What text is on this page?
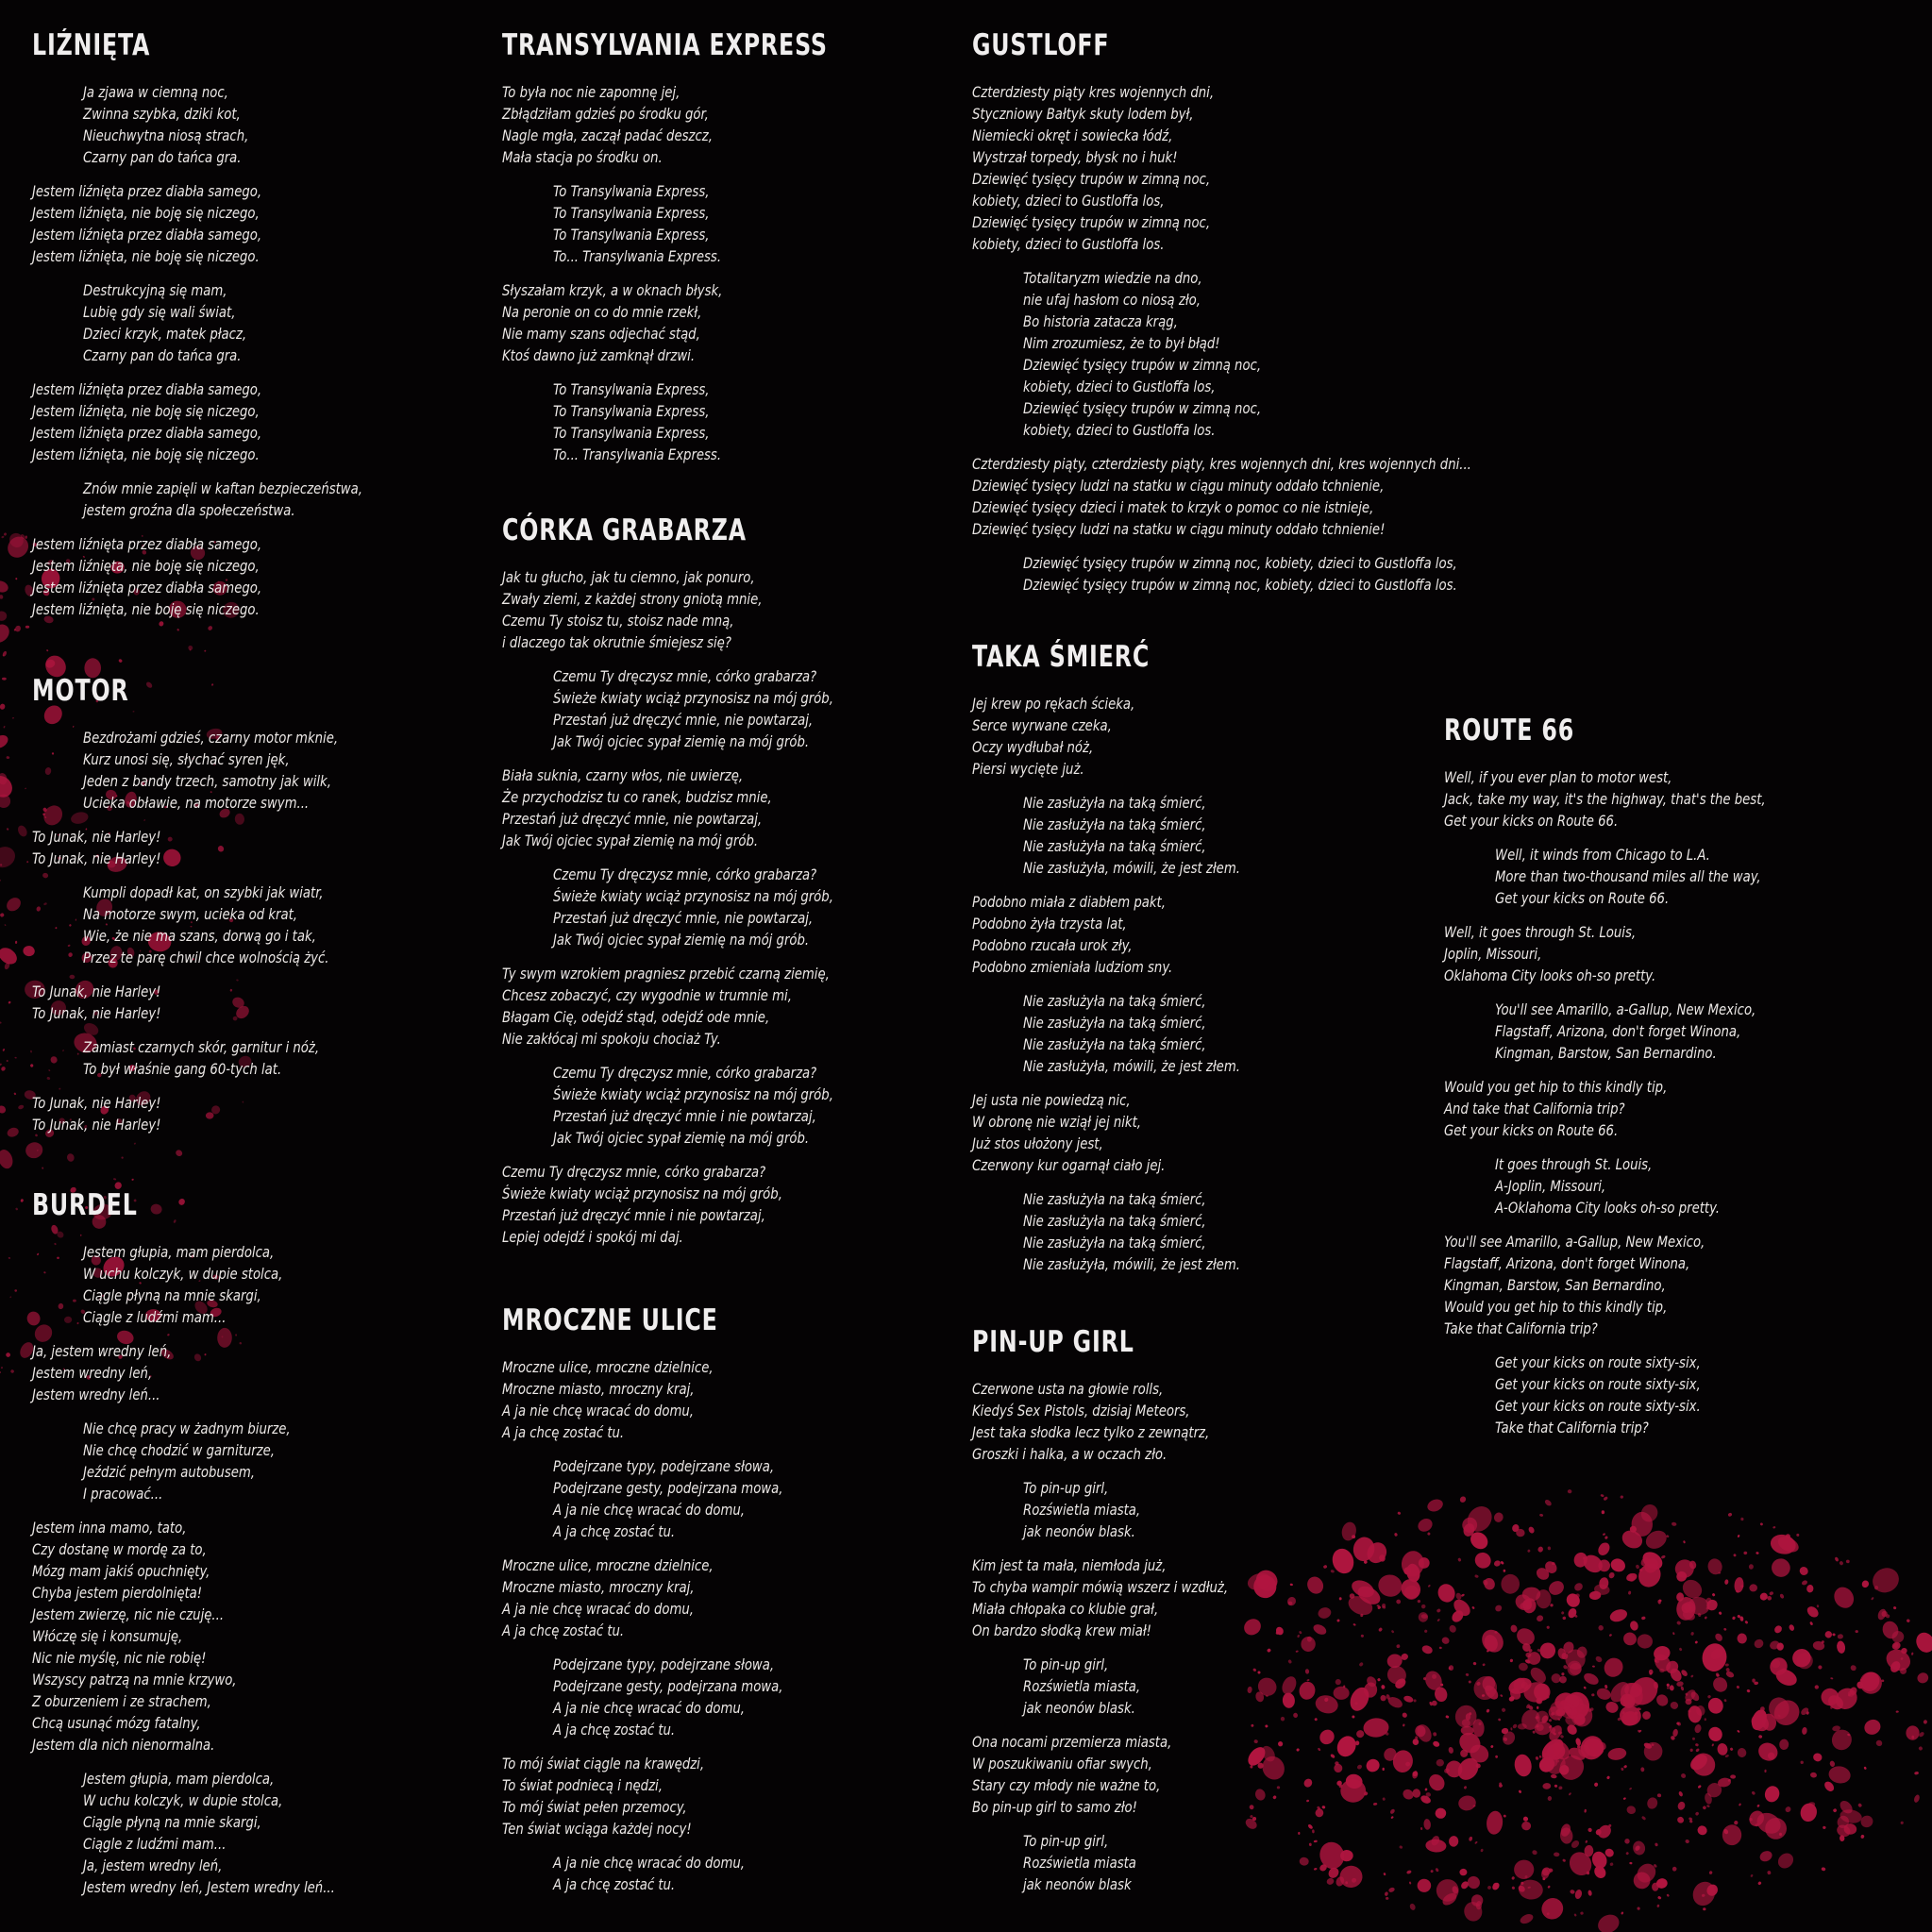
LIŹNIĘTA
Ja zjawa w ciemną noc,
Zwinna szybka, dziki kot,
Nieuchwytna niosą strach,
Czarny pan do tańca gra.
Jestem liźnięta przez diabła samego,
Jestem liźnięta, nie boję się niczego,
Jestem liźnięta przez diabła samego,
Jestem liźnięta, nie boję się niczego.
Destrukcyjną się mam,
Lubię gdy się wali świat,
Dzieci krzyk, matek płacz,
Czarny pan do tańca gra.
Jestem liźnięta przez diabła samego,
Jestem liźnięta, nie boję się niczego,
Jestem liźnięta przez diabła samego,
Jestem liźnięta, nie boję się niczego.
Znów mnie zapięli w kaftan bezpieczeństwa,
jestem groźna dla społeczeństwa.
Jestem liźnięta przez diabła samego,
Jestem liźnięta, nie boję się niczego,
Jestem liźnięta przez diabła samego,
Jestem liźnięta, nie boję się niczego.
MOTOR
Bezdrożami gdzieś, czarny motor mknie,
Kurz unosi się, słychać syren jęk,
Jeden z bandy trzech, samotny jak wilk,
Ucieka obławie, na motorze swym...
To Junak, nie Harley!
To Junak, nie Harley!
Kumpli dopadł kat, on szybki jak wiatr,
Na motorze swym, ucieka od krat,
Wie, że nie ma szans, dorwą go i tak,
Przez te parę chwil chce wolnością żyć.
To Junak, nie Harley!
To Junak, nie Harley!
Zamiast czarnych skór, garnitur i nóż,
To był właśnie gang 60-tych lat.
To Junak, nie Harley!
To Junak, nie Harley!
BURDEL
Jestem głupia, mam pierdolca,
W uchu kolczyk, w dupie stolca,
Ciągle płyną na mnie skargi,
Ciągle z ludźmi mam...
Ja, jestem wredny leń,
Jestem wredny leń,
Jestem wredny leń...
Nie chcę pracy w żadnym biurze,
Nie chcę chodzić w garniturze,
Jeździć pełnym autobusem,
I pracować...
Jestem inna mamo, tato,
Czy dostanę w mordę za to,
Mózg mam jakiś opuchnięty,
Chyba jestem pierdolnięta!
Jestem zwierzę, nic nie czuję...
Włóczę się i konsumuję,
Nic nie myślę, nic nie robię!
Wszyscy patrzą na mnie krzywo,
Z oburzeniem i ze strachem,
Chcą usunąć mózg fatalny,
Jestem dla nich nienormalna.
Jestem głupia, mam pierdolca,
W uchu kolczyk, w dupie stolca,
Ciągle płyną na mnie skargi,
Ciągle z ludźmi mam...
Ja, jestem wredny leń,
Jestem wredny leń, Jestem wredny leń...
TRANSYLVANIA EXPRESS
To była noc nie zapomnę jej,
Zbłądziłam gdzieś po środku gór,
Nagle mgła, zaczął padać deszcz,
Mała stacja po środku on.
To Transylwania Express,
To Transylwania Express,
To Transylwania Express,
To... Transylwania Express.
Słyszałam krzyk, a w oknach błysk,
Na peronie on co do mnie rzekł,
Nie mamy szans odjechać stąd,
Ktoś dawno już zamknął drzwi.
To Transylwania Express,
To Transylwania Express,
To Transylwania Express,
To... Transylwania Express.
CÓRKA GRABARZA
Jak tu głucho, jak tu ciemno, jak ponuro,
Zwały ziemi, z każdej strony gniotą mnie,
Czemu Ty stoisz tu, stoisz nade mną,
i dlaczego tak okrutnie śmiejesz się?
Czemu Ty dręczysz mnie, córko grabarza?
Świeże kwiaty wciąż przynosisz na mój grób,
Przestań już dręczyć mnie, nie powtarzaj,
Jak Twój ojciec sypał ziemię na mój grób.
Biała suknia, czarny włos, nie uwierzę,
Że przychodzisz tu co ranek, budzisz mnie,
Przestań już dręczyć mnie, nie powtarzaj,
Jak Twój ojciec sypał ziemię na mój grób.
Czemu Ty dręczysz mnie, córko grabarza?
Świeże kwiaty wciąż przynosisz na mój grób,
Przestań już dręczyć mnie, nie powtarzaj,
Jak Twój ojciec sypał ziemię na mój grób.
Ty swym wzrokiem pragniesz przebić czarną ziemię,
Chcesz zobaczyć, czy wygodnie w trumnie mi,
Błagam Cię, odejdź stąd, odejdź ode mnie,
Nie zakłócaj mi spokoju chociaż Ty.
Czemu Ty dręczysz mnie, córko grabarza?
Świeże kwiaty wciąż przynosisz na mój grób,
Przestań już dręczyć mnie i nie powtarzaj,
Jak Twój ojciec sypał ziemię na mój grób.
Czemu Ty dręczysz mnie, córko grabarza?
Świeże kwiaty wciąż przynosisz na mój grób,
Przestań już dręczyć mnie i nie powtarzaj,
Lepiej odejdź i spokój mi daj.
MROCZNE ULICE
Mroczne ulice, mroczne dzielnice,
Mroczne miasto, mroczny kraj,
A ja nie chcę wracać do domu,
A ja chcę zostać tu.
Podejrzane typy, podejrzane słowa,
Podejrzane gesty, podejrzana mowa,
A ja nie chcę wracać do domu,
A ja chcę zostać tu.
Mroczne ulice, mroczne dzielnice,
Mroczne miasto, mroczny kraj,
A ja nie chcę wracać do domu,
A ja chcę zostać tu.
Podejrzane typy, podejrzane słowa,
Podejrzane gesty, podejrzana mowa,
A ja nie chcę wracać do domu,
A ja chcę zostać tu.
To mój świat ciągle na krawędzi,
To świat podniecą i nędzi,
To mój świat pełen przemocy,
Ten świat wciąga każdej nocy!
A ja nie chcę wracać do domu,
A ja chcę zostać tu.
GUSTLOFF
Czterdziesty piąty kres wojennych dni,
Styczniowy Bałtyk skuty lodem był,
Niemiecki okręt i sowiecka łódź,
Wystrzał torpedy, błysk no i huk!
Dziewięć tysięcy trupów w zimną noc,
kobiety, dzieci to Gustloffa los,
Dziewięć tysięcy trupów w zimną noc,
kobiety, dzieci to Gustloffa los.
Totalitaryzm wiedzie na dno,
nie ufaj hasłom co niosą zło,
Bo historia zatacza krąg,
Nim zrozumiesz, że to był błąd!
Dziewięć tysięcy trupów w zimną noc,
kobiety, dzieci to Gustloffa los,
Dziewięć tysięcy trupów w zimną noc,
kobiety, dzieci to Gustloffa los.
Czterdziesty piąty, czterdziesty piąty, kres wojennych dni, kres wojennych dni...
Dziewięć tysięcy ludzi na statku w ciągu minuty oddało tchnienie,
Dziewięć tysięcy dzieci i matek to krzyk o pomoc co nie istnieje,
Dziewięć tysięcy ludzi na statku w ciągu minuty oddało tchnienie!
Dziewięć tysięcy trupów w zimną noc, kobiety, dzieci to Gustloffa los,
Dziewięć tysięcy trupów w zimną noc, kobiety, dzieci to Gustloffa los.
TAKA ŚMIERĆ
Jej krew po rękach ścieka,
Serce wyrwane czeka,
Oczy wydłubał nóż,
Piersi wycięte już.
Nie zasłużyła na taką śmierć,
Nie zasłużyła na taką śmierć,
Nie zasłużyła na taką śmierć,
Nie zasłużyła, mówili, że jest złem.
Podobno miała z diabłem pakt,
Podobno żyła trzysta lat,
Podobno rzucała urok zły,
Podobno zmieniała ludziom sny.
Nie zasłużyła na taką śmierć,
Nie zasłużyła na taką śmierć,
Nie zasłużyła na taką śmierć,
Nie zasłużyła, mówili, że jest złem.
Jej usta nie powiedzą nic,
W obronę nie wziął jej nikt,
Już stos ułożony jest,
Czerwony kur ogarnął ciało jej.
Nie zasłużyła na taką śmierć,
Nie zasłużyła na taką śmierć,
Nie zasłużyła na taką śmierć,
Nie zasłużyła, mówili, że jest złem.
PIN-UP GIRL
Czerwone usta na głowie rolls,
Kiedyś Sex Pistols, dzisiaj Meteors,
Jest taka słodka lecz tylko z zewnątrz,
Groszki i halka, a w oczach zło.
To pin-up girl,
Rozświetla miasta,
jak neonów blask.
Kim jest ta mała, niemłoda już,
To chyba wampir mówią wszerz i wzdłuż,
Miała chłopaka co klubie grał,
On bardzo słodką krew miał!
To pin-up girl,
Rozświetla miasta,
jak neonów blask.
Ona nocami przemierza miasta,
W poszukiwaniu ofiar swych,
Stary czy młody nie ważne to,
Bo pin-up girl to samo zło!
To pin-up girl,
Rozświetla miasta
jak neonów blask
ROUTE 66
Well, if you ever plan to motor west,
Jack, take my way, it's the highway, that's the best,
Get your kicks on Route 66.
Well, it winds from Chicago to L.A.
More than two-thousand miles all the way,
Get your kicks on Route 66.
Well, it goes through St. Louis,
Joplin, Missouri,
Oklahoma City looks oh-so pretty.
You'll see Amarillo, a-Gallup, New Mexico,
Flagstaff, Arizona, don't forget Winona,
Kingman, Barstow, San Bernardino.
Would you get hip to this kindly tip,
And take that California trip?
Get your kicks on Route 66.
It goes through St. Louis,
A-Joplin, Missouri,
A-Oklahoma City looks oh-so pretty.
You'll see Amarillo, a-Gallup, New Mexico,
Flagstaff, Arizona, don't forget Winona,
Kingman, Barstow, San Bernardino,
Would you get hip to this kindly tip,
Take that California trip?
Get your kicks on route sixty-six,
Get your kicks on route sixty-six,
Get your kicks on route sixty-six.
Take that California trip?
